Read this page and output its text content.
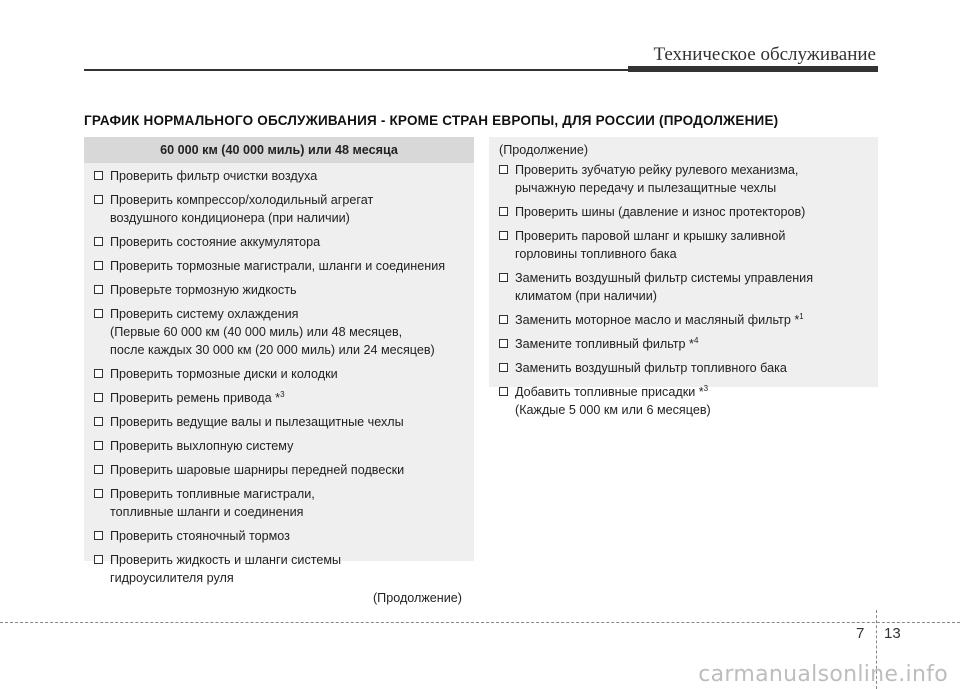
Техническое обслуживание
ГРАФИК НОРМАЛЬНОГО ОБСЛУЖИВАНИЯ - КРОМЕ СТРАН ЕВРОПЫ, ДЛЯ РОССИИ (ПРОДОЛЖЕНИЕ)
60 000 км (40 000 миль) или 48 месяца
Проверить фильтр очистки воздуха
Проверить компрессор/холодильный агрегат
воздушного кондиционера (при наличии)
Проверить состояние аккумулятора
Проверить тормозные магистрали, шланги и соединения
Проверьте тормозную жидкость
Проверить систему охлаждения
(Первые 60 000 км (40 000 миль) или 48 месяцев,
после каждых 30 000 км (20 000 миль) или 24 месяцев)
Проверить тормозные диски и колодки
Проверить ремень привода *$^3$
Проверить ведущие валы и пылезащитные чехлы
Проверить выхлопную систему
Проверить шаровые шарниры передней подвески
Проверить топливные магистрали,
топливные шланги и соединения
Проверить стояночный тормоз
Проверить жидкость и шланги системы
гидроусилителя руля
(Продолжение)
(Продолжение)
Проверить зубчатую рейку рулевого механизма,
рычажную передачу и пылезащитные чехлы
Проверить шины (давление и износ протекторов)
Проверить паровой шланг и крышку заливной
горловины топливного бака
Заменить воздушный фильтр системы управления
климатом (при наличии)
Заменить моторное масло и масляный фильтр *$^1$
Замените топливный фильтр *$^4$
Заменить воздушный фильтр топливного бака
Добавить топливные присадки *$^3$
(Каждые 5 000 км или 6 месяцев)
7 13
carmanualsonline.info
